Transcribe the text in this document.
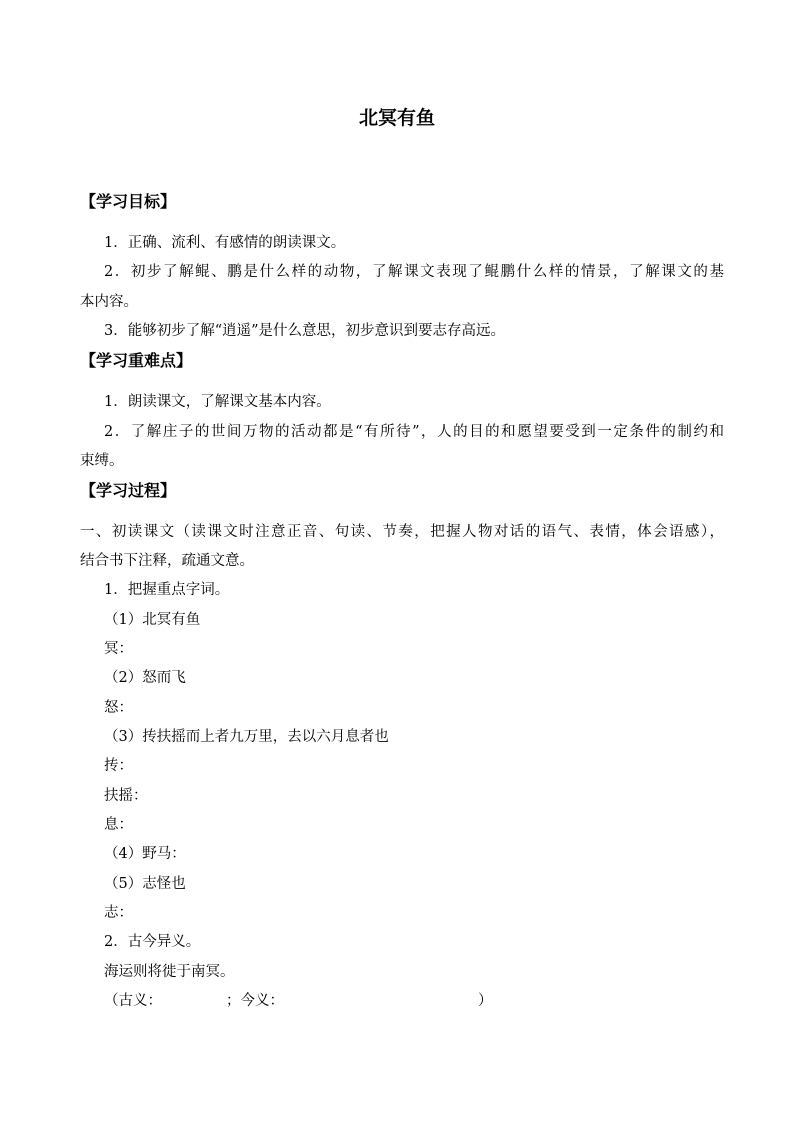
北冥有鱼
【学习目标】
1．正确、流利、有感情的朗读课文。
2．初步了解鲲、鹏是什么样的动物，了解课文表现了鲲鹏什么样的情景，了解课文的基
本内容。
3．能够初步了解“逍遥”是什么意思，初步意识到要志存高远。
【学习重难点】
1．朗读课文，了解课文基本内容。
2．了解庄子的世间万物的活动都是“有所待”，人的目的和愿望要受到一定条件的制约和
束缚。
【学习过程】
一、初读课文（读课文时注意正音、句读、节奏，把握人物对话的语气、表情，体会语感），
结合书下注释，疏通文意。
1．把握重点字词。
（1）北冥有鱼
冥：
（2）怒而飞
怒：
（3）抟扶摇而上者九万里，去以六月息者也
抟：
扶摇：
息：
（4）野马：
（5）志怪也
志：
2．古今异义。
海运则将徙于南冥。
（古义：	；今义：	）
